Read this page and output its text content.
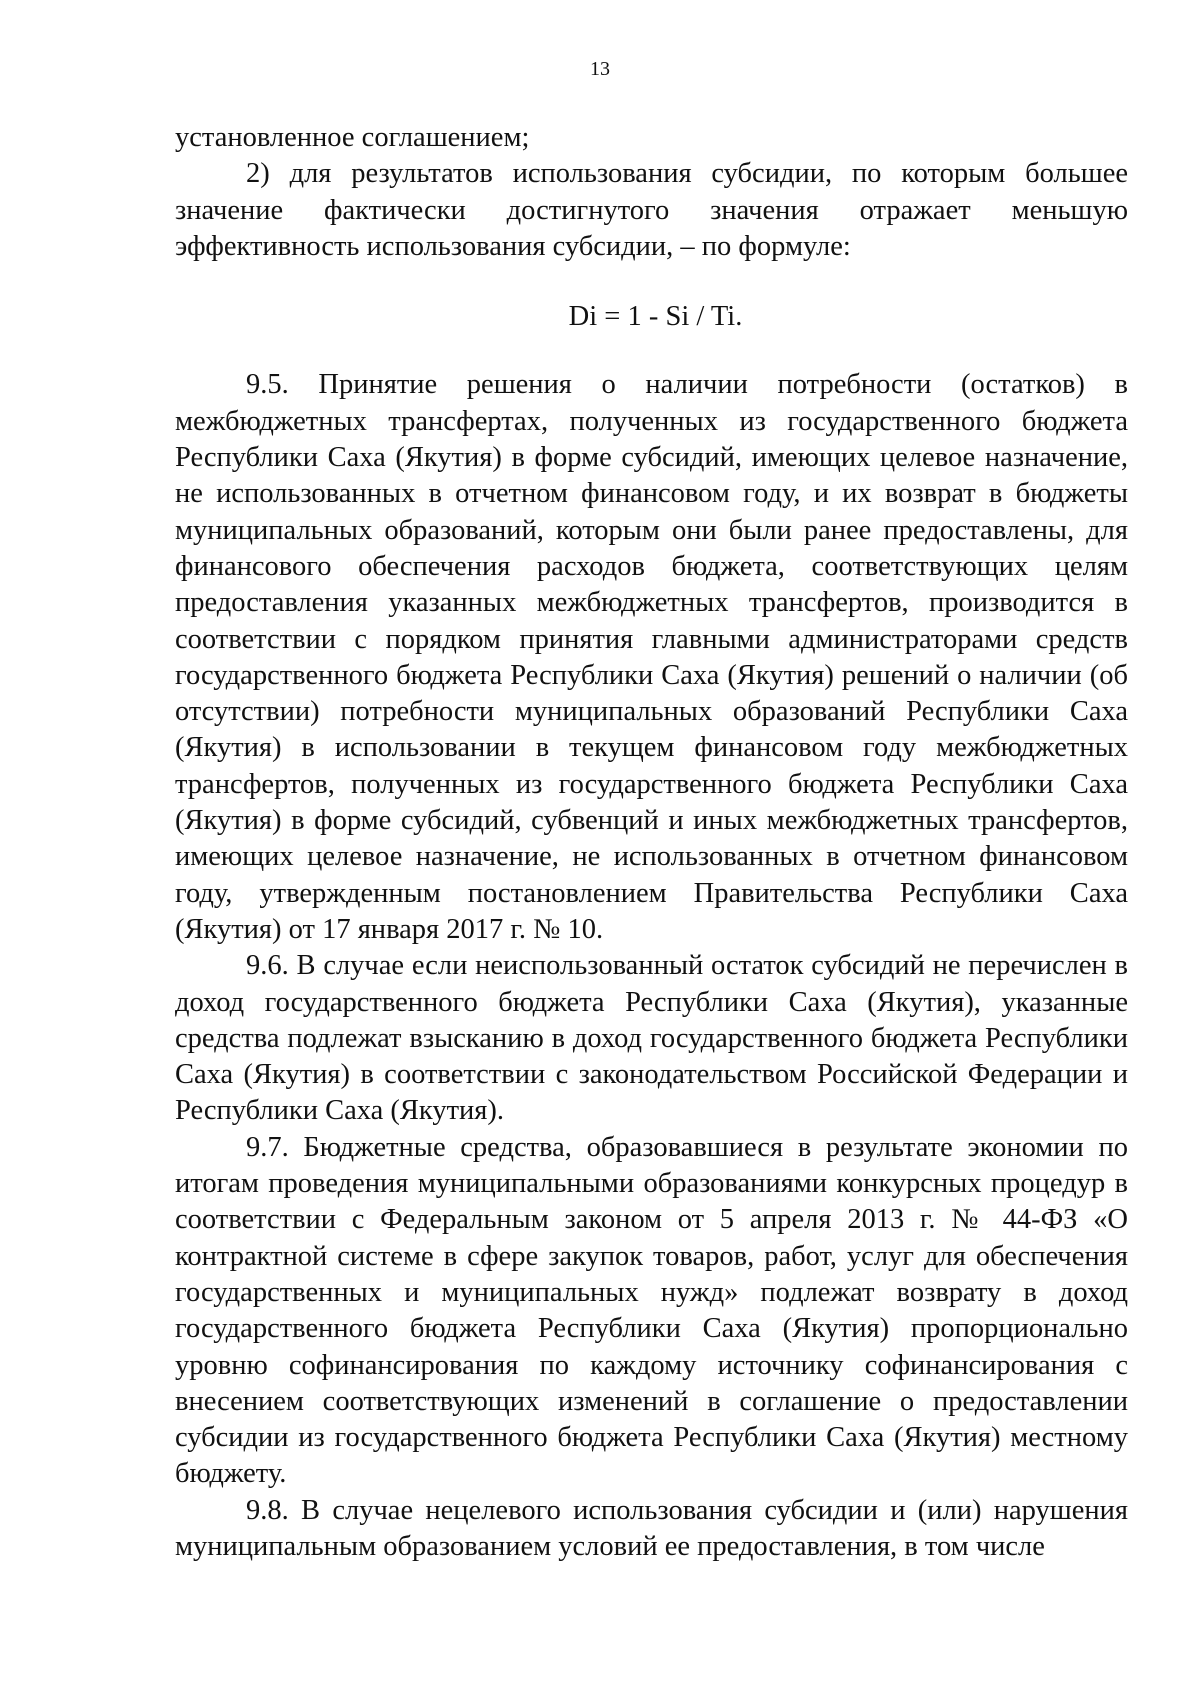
13

установленное соглашением;

2) для результатов использования субсидии, по которым большее значение фактически достигнутого значения отражает меньшую эффективность использования субсидии, – по формуле:

Di = 1 - Si / Ti.

9.5. Принятие решения о наличии потребности (остатков) в межбюджетных трансфертах, полученных из государственного бюджета Республики Саха (Якутия) в форме субсидий, имеющих целевое назначение, не использованных в отчетном финансовом году, и их возврат в бюджеты муниципальных образований, которым они были ранее предоставлены, для финансового обеспечения расходов бюджета, соответствующих целям предоставления указанных межбюджетных трансфертов, производится в соответствии с порядком принятия главными администраторами средств государственного бюджета Республики Саха (Якутия) решений о наличии (об отсутствии) потребности муниципальных образований Республики Саха (Якутия) в использовании в текущем финансовом году межбюджетных трансфертов, полученных из государственного бюджета Республики Саха (Якутия) в форме субсидий, субвенций и иных межбюджетных трансфертов, имеющих целевое назначение, не использованных в отчетном финансовом году, утвержденным постановлением Правительства Республики Саха (Якутия) от 17 января 2017 г. № 10.

9.6. В случае если неиспользованный остаток субсидий не перечислен в доход государственного бюджета Республики Саха (Якутия), указанные средства подлежат взысканию в доход государственного бюджета Республики Саха (Якутия) в соответствии с законодательством Российской Федерации и Республики Саха (Якутия).

9.7. Бюджетные средства, образовавшиеся в результате экономии по итогам проведения муниципальными образованиями конкурсных процедур в соответствии с Федеральным законом от 5 апреля 2013 г. № 44-ФЗ «О контрактной системе в сфере закупок товаров, работ, услуг для обеспечения государственных и муниципальных нужд» подлежат возврату в доход государственного бюджета Республики Саха (Якутия) пропорционально уровню софинансирования по каждому источнику софинансирования с внесением соответствующих изменений в соглашение о предоставлении субсидии из государственного бюджета Республики Саха (Якутия) местному бюджету.

9.8. В случае нецелевого использования субсидии и (или) нарушения муниципальным образованием условий ее предоставления, в том числе
